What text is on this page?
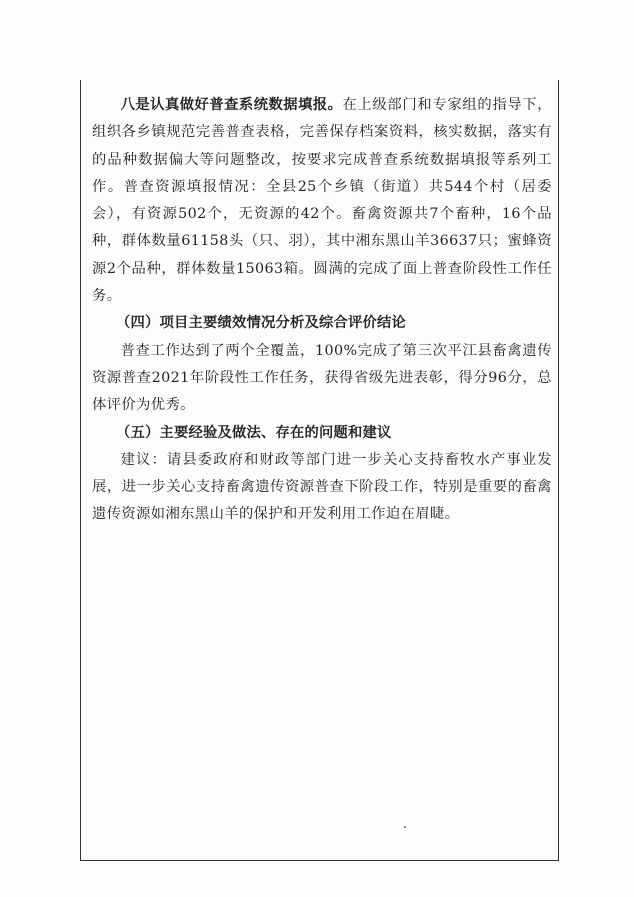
八是认真做好普查系统数据填报。在上级部门和专家组的指导下，组织各乡镇规范完善普查表格，完善保存档案资料，核实数据，落实有的品种数据偏大等问题整改，按要求完成普查系统数据填报等系列工作。普查资源填报情况：全县25个乡镇（街道）共544个村（居委会），有资源502个，无资源的42个。畜禽资源共7个畜种，16个品种，群体数量61158头（只、羽），其中湘东黑山羊36637只；蜜蜂资源2个品种，群体数量15063箱。圆满的完成了面上普查阶段性工作任务。

（四）项目主要绩效情况分析及综合评价结论

普查工作达到了两个全覆盖，100%完成了第三次平江县畜禽遗传资源普查2021年阶段性工作任务，获得省级先进表彰，得分96分，总体评价为优秀。

（五）主要经验及做法、存在的问题和建议

建议：请县委政府和财政等部门进一步关心支持畜牧水产事业发展，进一步关心支持畜禽遗传资源普查下阶段工作，特别是重要的畜禽遗传资源如湘东黑山羊的保护和开发利用工作迫在眉睫。
